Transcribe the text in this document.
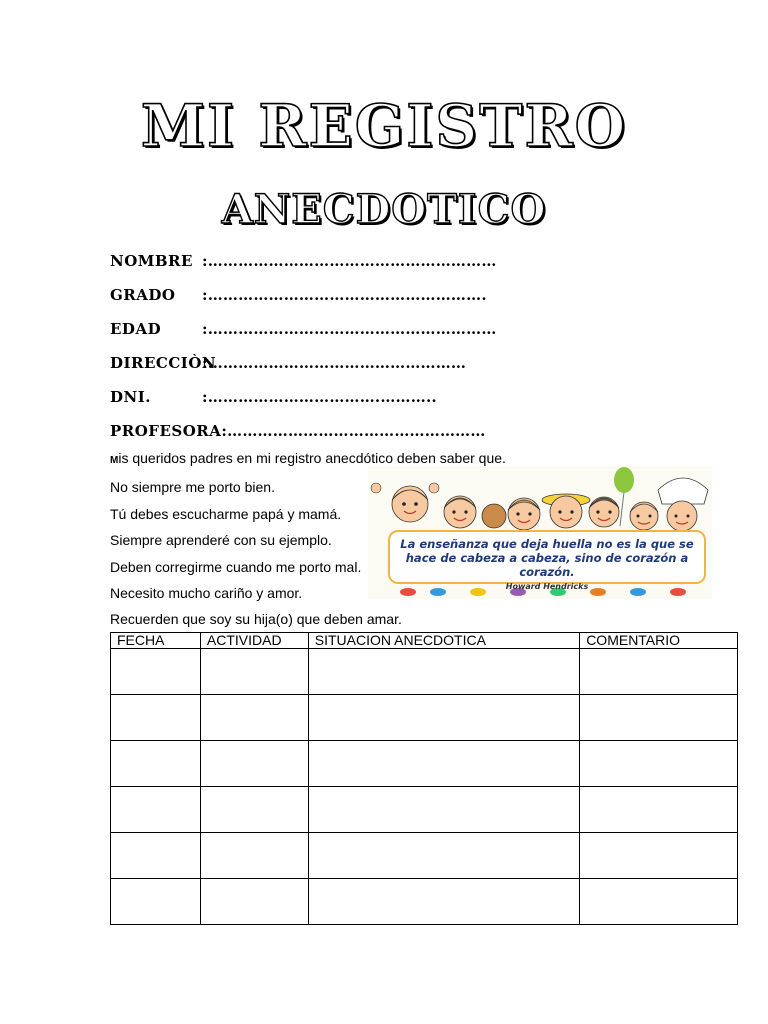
MI REGISTRO
ANECDOTICO
NOMBRE :…………………………………………………
GRADO	:……………………………………………….
EDAD	:…………………………………………………
DIRECCIÒN
:……………………………………………
DNI.	:…………………………….………..
PROFESORA :……………………………………………
Mis queridos padres en mi registro anecdótico deben saber que.
No siempre me porto bien.
Tú debes escucharme papá y mamá.
Siempre aprenderé con su ejemplo.
Deben corregirme cuando me porto mal.
Necesito mucho cariño y amor.
Recuerden que soy su hija(o) que deben amar.
La enseñanza que deja huella no es la que se hace de cabeza a cabeza, sino de corazón a corazón.
Howard Hendricks
FECHA	ACTIVIDAD	SITUACION ANECDOTICA	COMENTARIO
